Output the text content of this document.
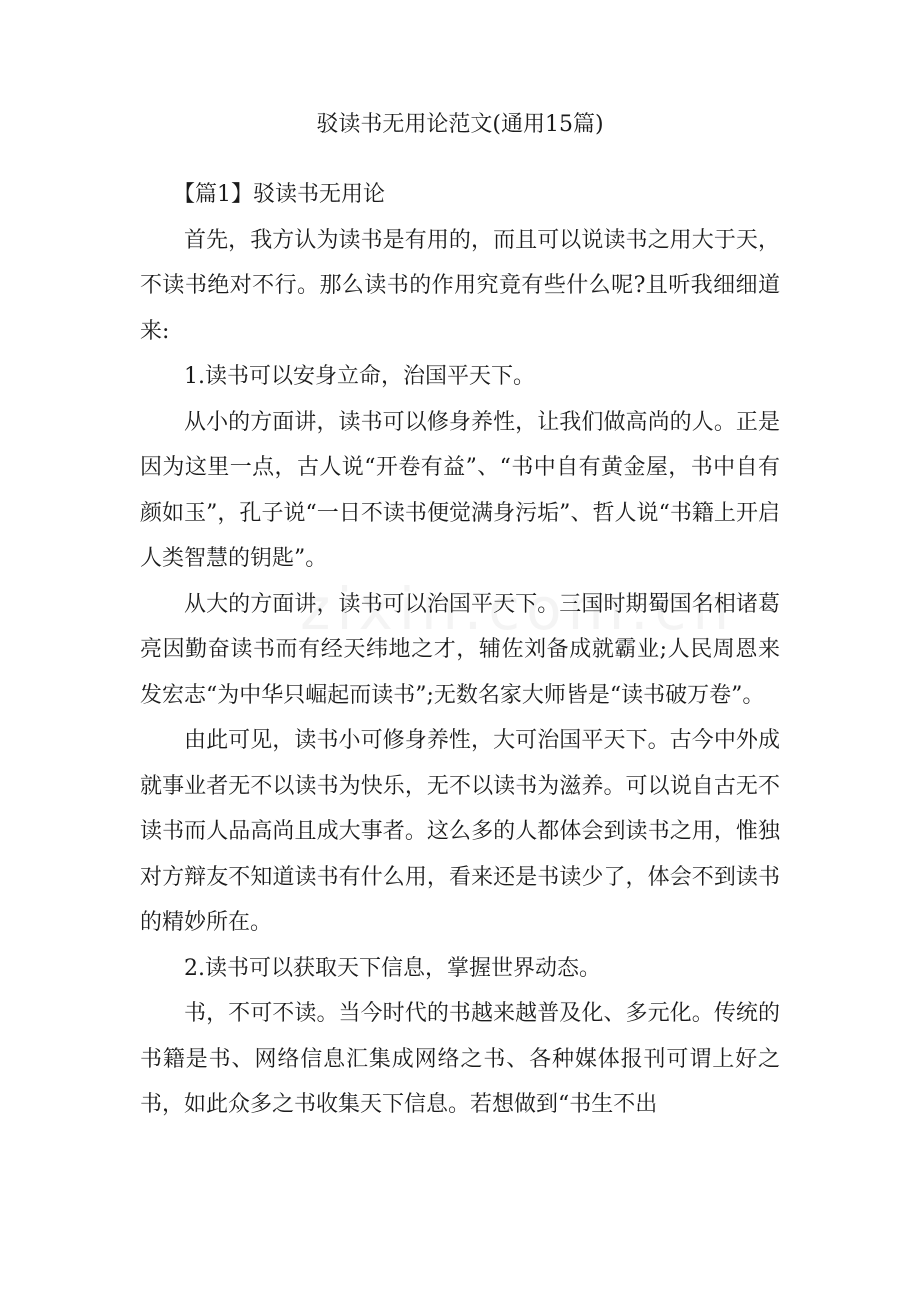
驳读书无用论范文(通用15篇)

【篇1】驳读书无用论

首先，我方认为读书是有用的，而且可以说读书之用大于天，不读书绝对不行。那么读书的作用究竟有些什么呢?且听我细细道来:

1.读书可以安身立命，治国平天下。

从小的方面讲，读书可以修身养性，让我们做高尚的人。正是因为这里一点，古人说“开卷有益”、“书中自有黄金屋，书中自有颜如玉”，孔子说“一日不读书便觉满身污垢”、哲人说“书籍上开启人类智慧的钥匙”。

从大的方面讲，读书可以治国平天下。三国时期蜀国名相诸葛亮因勤奋读书而有经天纬地之才，辅佐刘备成就霸业;人民周恩来发宏志“为中华只崛起而读书”;无数名家大师皆是“读书破万卷”。

由此可见，读书小可修身养性，大可治国平天下。古今中外成就事业者无不以读书为快乐，无不以读书为滋养。可以说自古无不读书而人品高尚且成大事者。这么多的人都体会到读书之用，惟独对方辩友不知道读书有什么用，看来还是书读少了，体会不到读书的精妙所在。

2.读书可以获取天下信息，掌握世界动态。

书，不可不读。当今时代的书越来越普及化、多元化。传统的书籍是书、网络信息汇集成网络之书、各种媒体报刊可谓上好之书，如此众多之书收集天下信息。若想做到“书生不出
